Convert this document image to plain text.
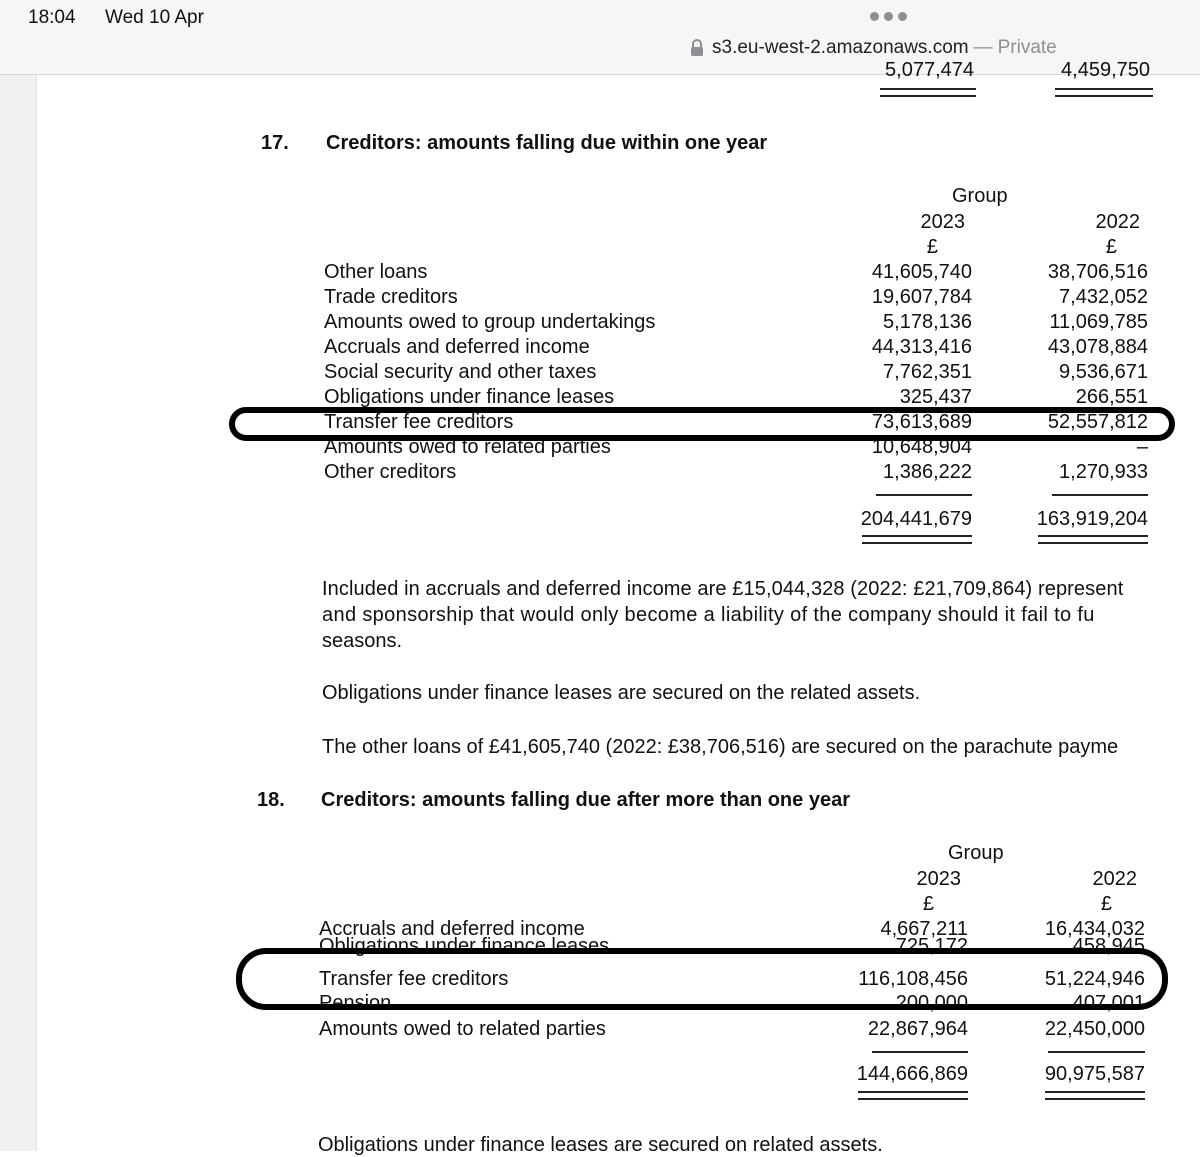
18:04 Wed 10 Apr
s3.eu-west-2.amazonaws.com — Private
5,077,474	4,459,750
17. Creditors: amounts falling due within one year
Group
2023	2022
£	£
Other loans	41,605,740	38,706,516
Trade creditors	19,607,784	7,432,052
Amounts owed to group undertakings	5,178,136	11,069,785
Accruals and deferred income	44,313,416	43,078,884
Social security and other taxes	7,762,351	9,536,671
Obligations under finance leases	325,437	266,551
Transfer fee creditors	73,613,689	52,557,812
Amounts owed to related parties	10,648,904	–
Other creditors	1,386,222	1,270,933
204,441,679	163,919,204
Included in accruals and deferred income are £15,044,328 (2022: £21,709,864) represent
and sponsorship that would only become a liability of the company should it fail to fu
seasons.
Obligations under finance leases are secured on the related assets.
The other loans of £41,605,740 (2022: £38,706,516) are secured on the parachute payme
18. Creditors: amounts falling due after more than one year
Group
2023	2022
£	£
Accruals and deferred income	4,667,211	16,434,032
Obligations under finance leases	725,172	458,945
Transfer fee creditors	116,108,456	51,224,946
Pension	200,000	407,001
Amounts owed to related parties	22,867,964	22,450,000
144,666,869	90,975,587
Obligations under finance leases are secured on related assets.
